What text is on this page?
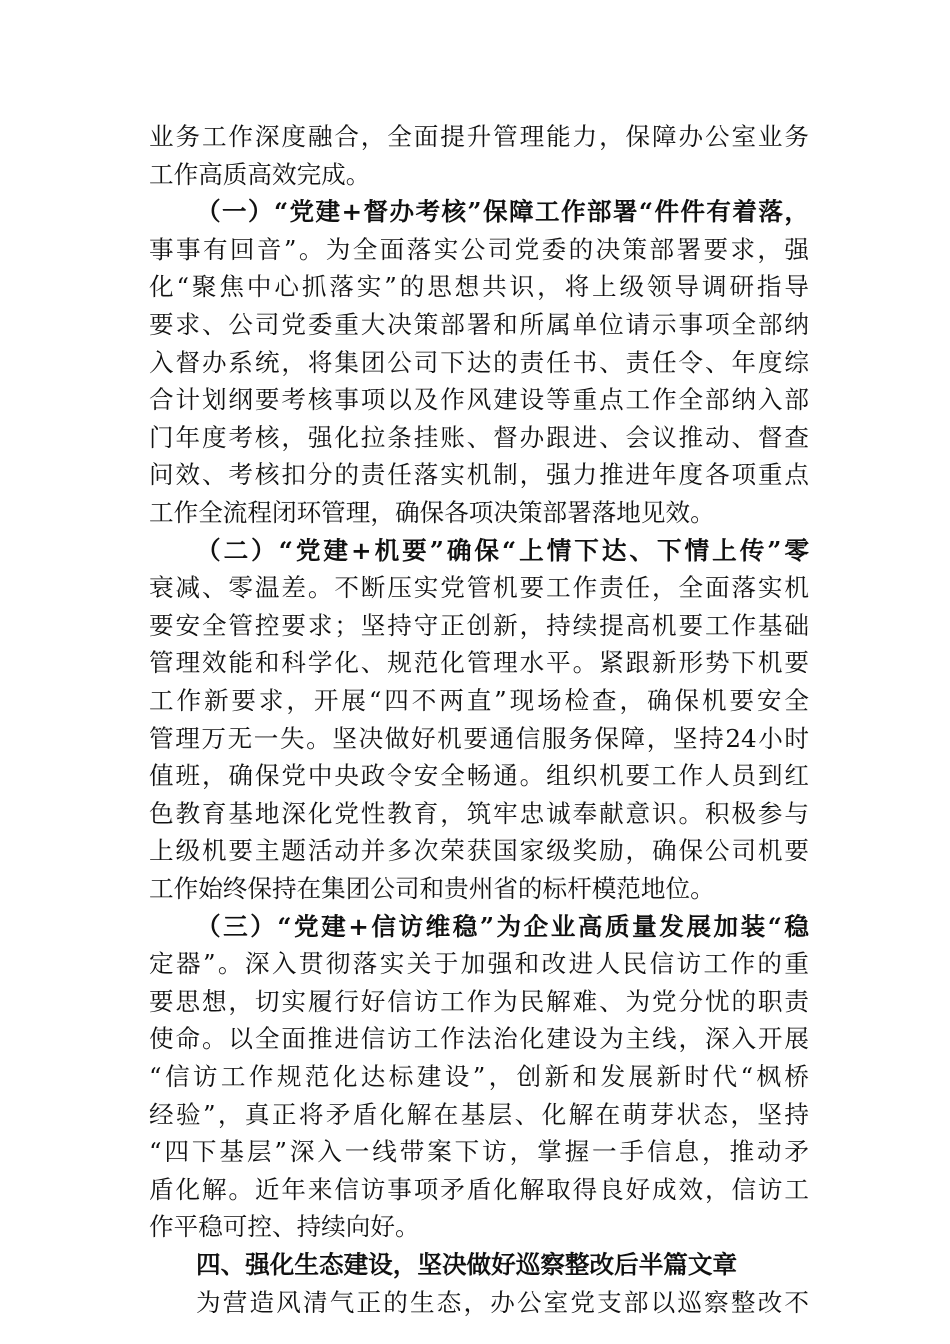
业务工作深度融合，全面提升管理能力，保障办公室业务
工作高质高效完成。
（一）“党建+督办考核”保障工作部署“件件有着落，
事事有回音”。为全面落实公司党委的决策部署要求，强
化“聚焦中心抓落实”的思想共识，将上级领导调研指导
要求、公司党委重大决策部署和所属单位请示事项全部纳
入督办系统，将集团公司下达的责任书、责任令、年度综
合计划纲要考核事项以及作风建设等重点工作全部纳入部
门年度考核，强化拉条挂账、督办跟进、会议推动、督查
问效、考核扣分的责任落实机制，强力推进年度各项重点
工作全流程闭环管理，确保各项决策部署落地见效。
（二）“党建+机要”确保“上情下达、下情上传”零
衰减、零温差。不断压实党管机要工作责任，全面落实机
要安全管控要求；坚持守正创新，持续提高机要工作基础
管理效能和科学化、规范化管理水平。紧跟新形势下机要
工作新要求，开展“四不两直”现场检查，确保机要安全
管理万无一失。坚决做好机要通信服务保障，坚持24小时
值班，确保党中央政令安全畅通。组织机要工作人员到红
色教育基地深化党性教育，筑牢忠诚奉献意识。积极参与
上级机要主题活动并多次荣获国家级奖励，确保公司机要
工作始终保持在集团公司和贵州省的标杆模范地位。
（三）“党建+信访维稳”为企业高质量发展加装“稳
定器”。深入贯彻落实关于加强和改进人民信访工作的重
要思想，切实履行好信访工作为民解难、为党分忧的职责
使命。以全面推进信访工作法治化建设为主线，深入开展
“信访工作规范化达标建设”，创新和发展新时代“枫桥
经验”，真正将矛盾化解在基层、化解在萌芽状态，坚持
“四下基层”深入一线带案下访，掌握一手信息，推动矛
盾化解。近年来信访事项矛盾化解取得良好成效，信访工
作平稳可控、持续向好。
四、强化生态建设，坚决做好巡察整改后半篇文章
为营造风清气正的生态，办公室党支部以巡察整改不
